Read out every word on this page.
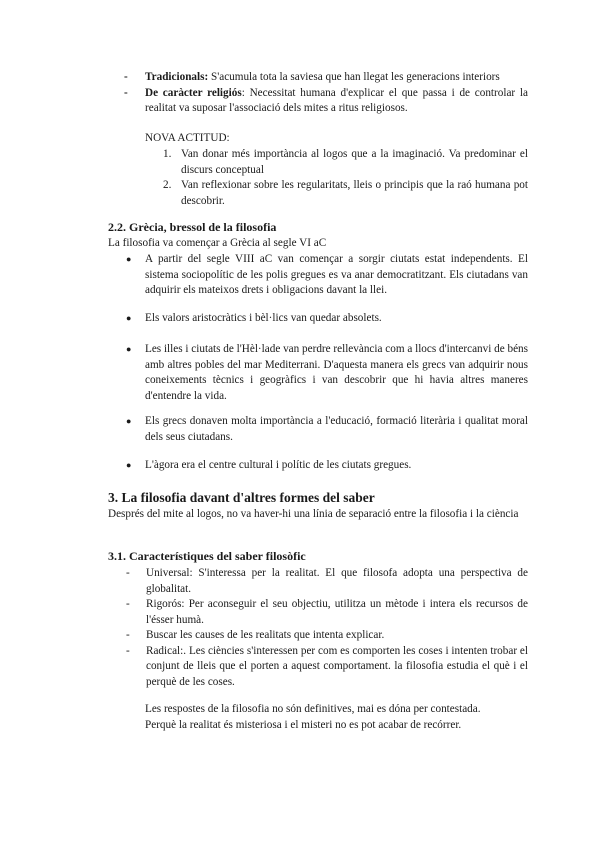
- Tradicionals: S'acumula tota la saviesa que han llegat les generacions interiors
- De caràcter religiós: Necessitat humana d'explicar el que passa i de controlar la realitat va suposar l'associació dels mites a ritus religiosos.
NOVA ACTITUD:
1. Van donar més importància al logos que a la imaginació. Va predominar el discurs conceptual
2. Van reflexionar sobre les regularitats, lleis o principis que la raó humana pot descobrir.
2.2. Grècia, bressol de la filosofia
La filosofia va començar a Grècia al segle VI aC
● A partir del segle VIII aC van començar a sorgir ciutats estat independents. El sistema sociopolític de les polis gregues es va anar democratitzant. Els ciutadans van adquirir els mateixos drets i obligacions davant la llei.
● Els valors aristocràtics i bèl·lics van quedar absolets.
● Les illes i ciutats de l'Hèl·lade van perdre rellevància com a llocs d'intercanvi de béns amb altres pobles del mar Mediterrani. D'aquesta manera els grecs van adquirir nous coneixements tècnics i geogràfics i van descobrir que hi havia altres maneres d'entendre la vida.
● Els grecs donaven molta importància a l'educació, formació literària i qualitat moral dels seus ciutadans.
● L'àgora era el centre cultural i polític de les ciutats gregues.
3. La filosofia davant d'altres formes del saber
Després del mite al logos, no va haver-hi una línia de separació entre la filosofia i la ciència
3.1. Característiques del saber filosòfic
- Universal: S'interessa per la realitat. El que filosofa adopta una perspectiva de globalitat.
- Rigorós: Per aconseguir el seu objectiu, utilitza un mètode i intera els recursos de l'ésser humà.
- Buscar les causes de les realitats que intenta explicar.
- Radical:. Les ciències s'interessen per com es comporten les coses i intenten trobar el conjunt de lleis que el porten a aquest comportament. la filosofia estudia el què i el perquè de les coses.
Les respostes de la filosofia no són definitives, mai es dóna per contestada.
Perquè la realitat és misteriosa i el misteri no es pot acabar de recórrer.
